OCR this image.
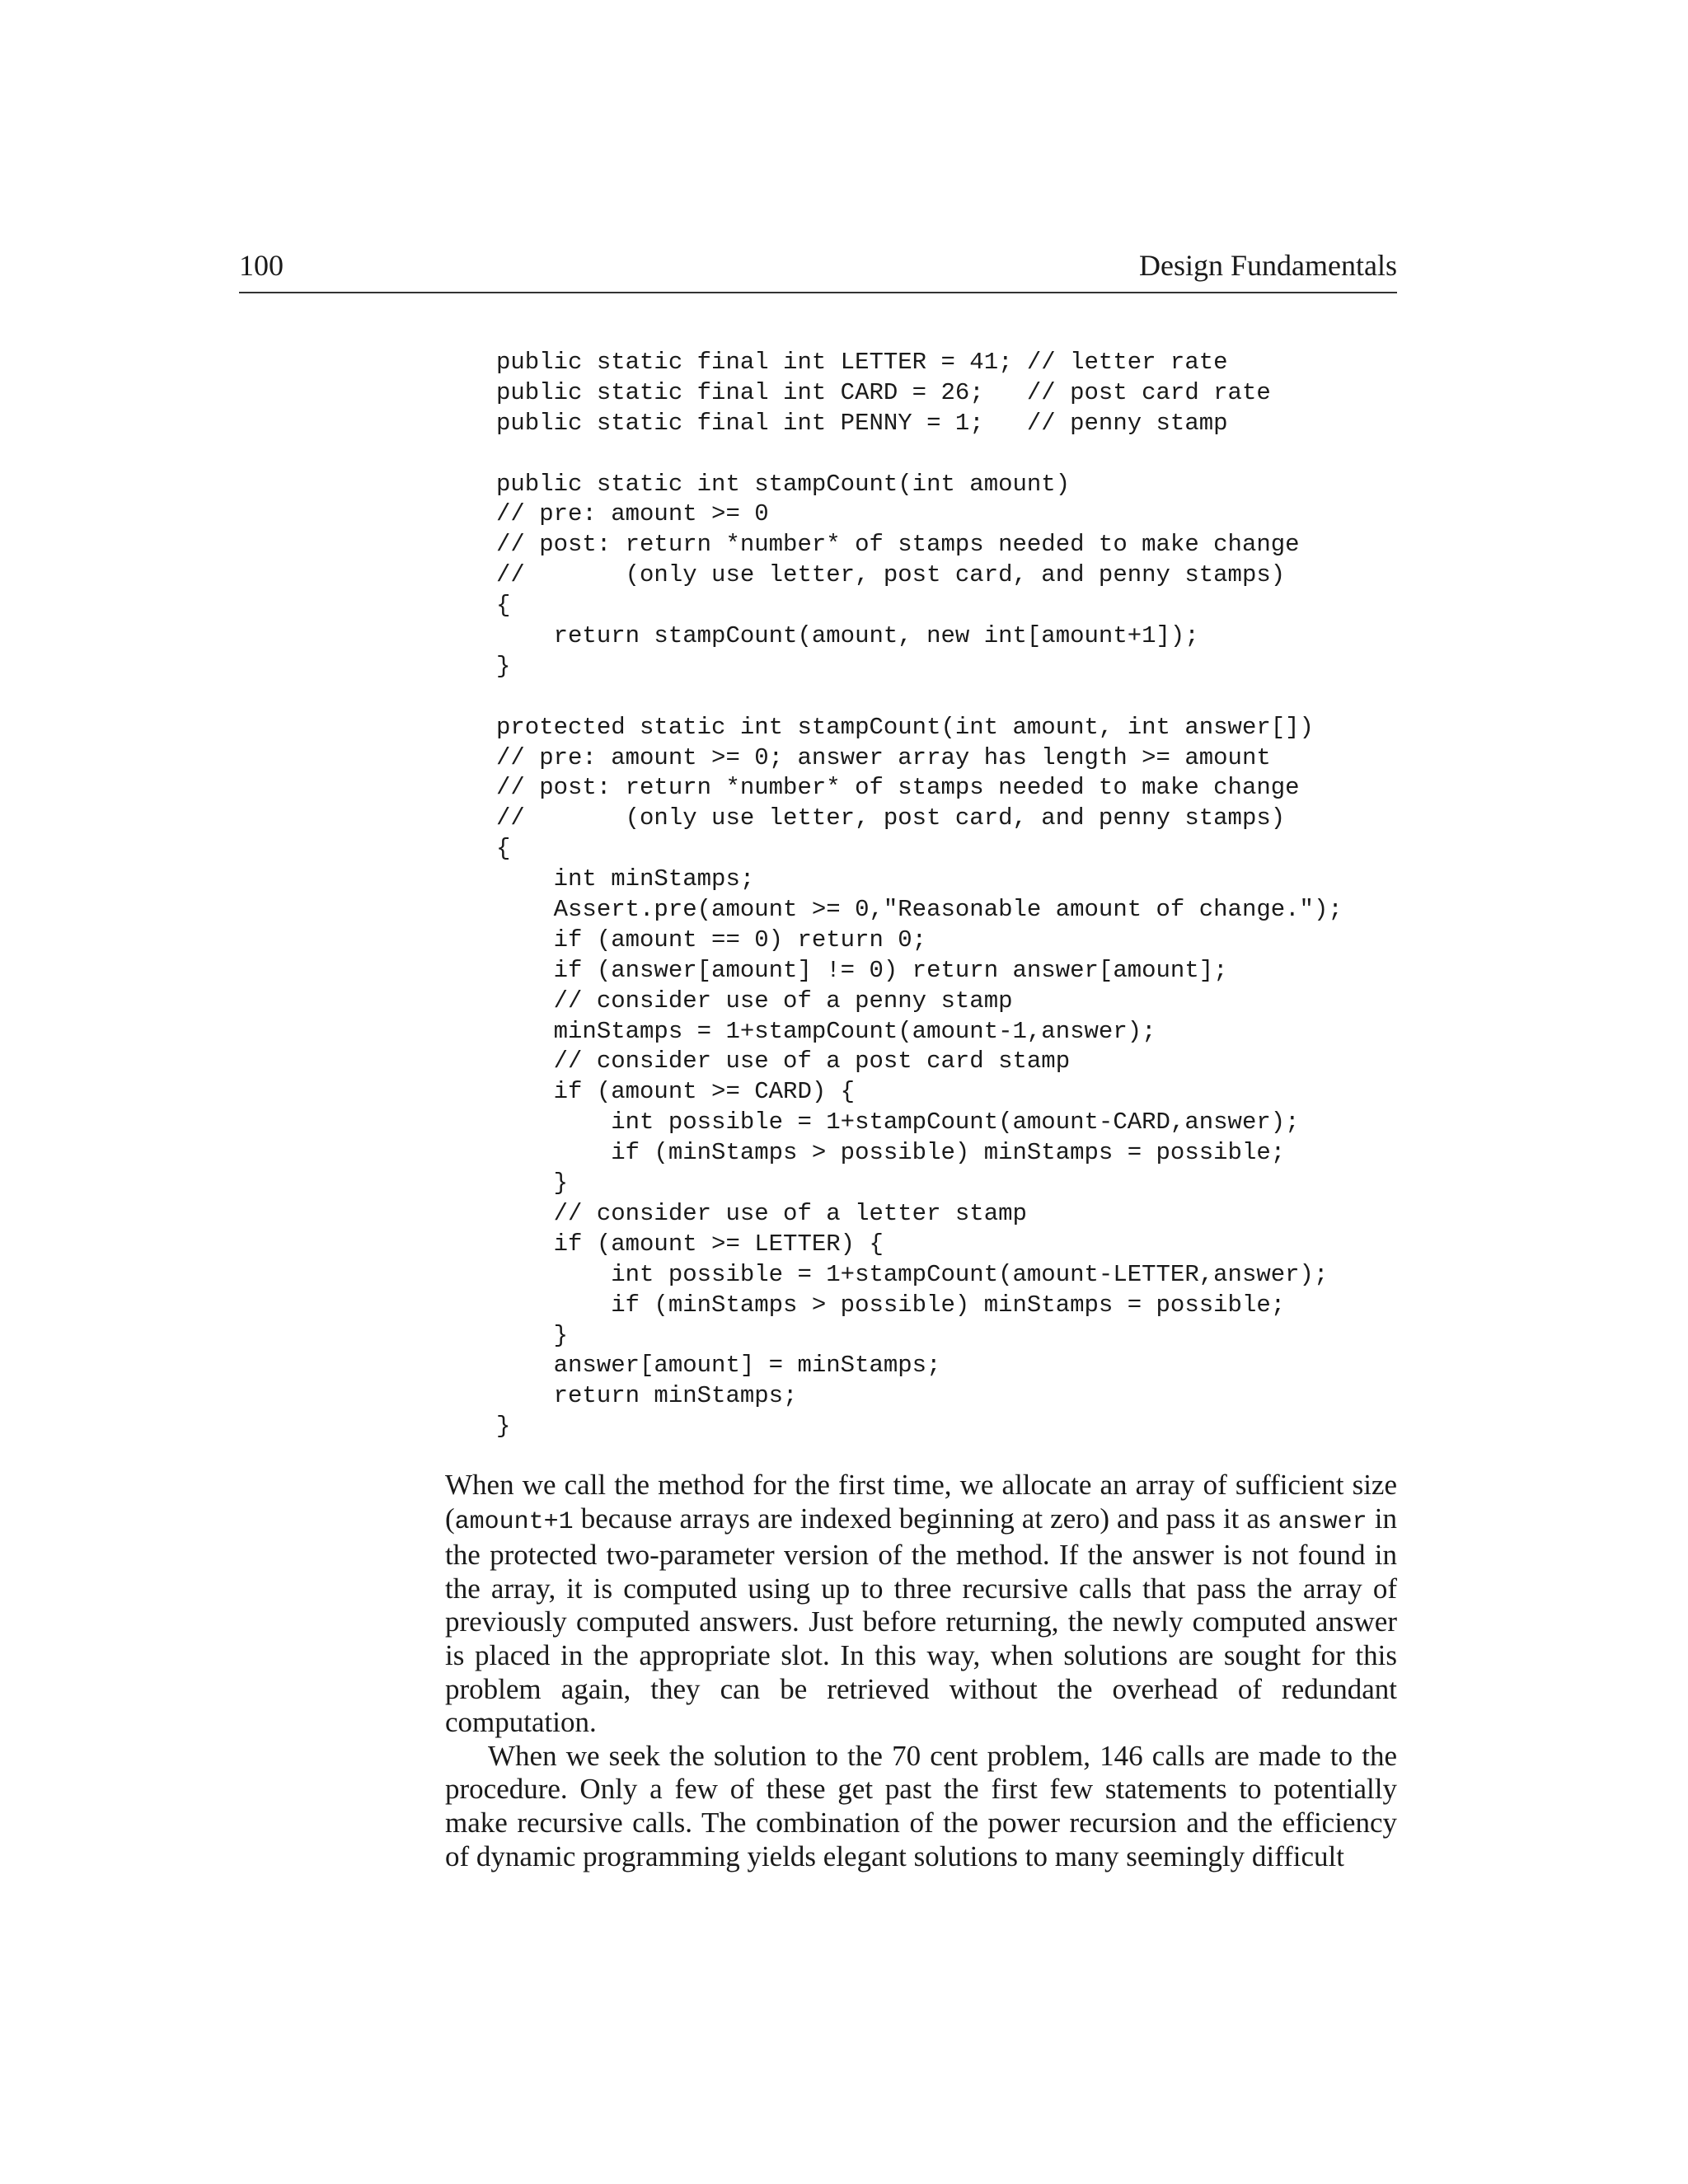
100	Design Fundamentals
public static final int LETTER = 41; // letter rate
public static final int CARD = 26;   // post card rate
public static final int PENNY = 1;   // penny stamp
public static int stampCount(int amount)
// pre: amount >= 0
// post: return *number* of stamps needed to make change
//       (only use letter, post card, and penny stamps)
{
return stampCount(amount, new int[amount+1]);
}
protected static int stampCount(int amount, int answer[])
// pre: amount >= 0; answer array has length >= amount
// post: return *number* of stamps needed to make change
//       (only use letter, post card, and penny stamps)
{
int minStamps;
Assert.pre(amount >= 0,"Reasonable amount of change.");
if (amount == 0) return 0;
if (answer[amount] != 0) return answer[amount];
// consider use of a penny stamp
minStamps = 1+stampCount(amount-1,answer);
// consider use of a post card stamp
if (amount >= CARD) {
int possible = 1+stampCount(amount-CARD,answer);
if (minStamps > possible) minStamps = possible;
}
// consider use of a letter stamp
if (amount >= LETTER) {
int possible = 1+stampCount(amount-LETTER,answer);
if (minStamps > possible) minStamps = possible;
}
answer[amount] = minStamps;
return minStamps;
}

When we call the method for the first time, we allocate an array of sufficient size (amount+1 because arrays are indexed beginning at zero) and pass it as answer in the protected two-parameter version of the method. If the answer is not found in the array, it is computed using up to three recursive calls that pass the array of previously computed answers. Just before returning, the newly computed answer is placed in the appropriate slot. In this way, when solutions are sought for this problem again, they can be retrieved without the overhead of redundant computation.

When we seek the solution to the 70 cent problem, 146 calls are made to the procedure. Only a few of these get past the first few statements to potentially make recursive calls. The combination of the power recursion and the efficiency of dynamic programming yields elegant solutions to many seemingly difficult
